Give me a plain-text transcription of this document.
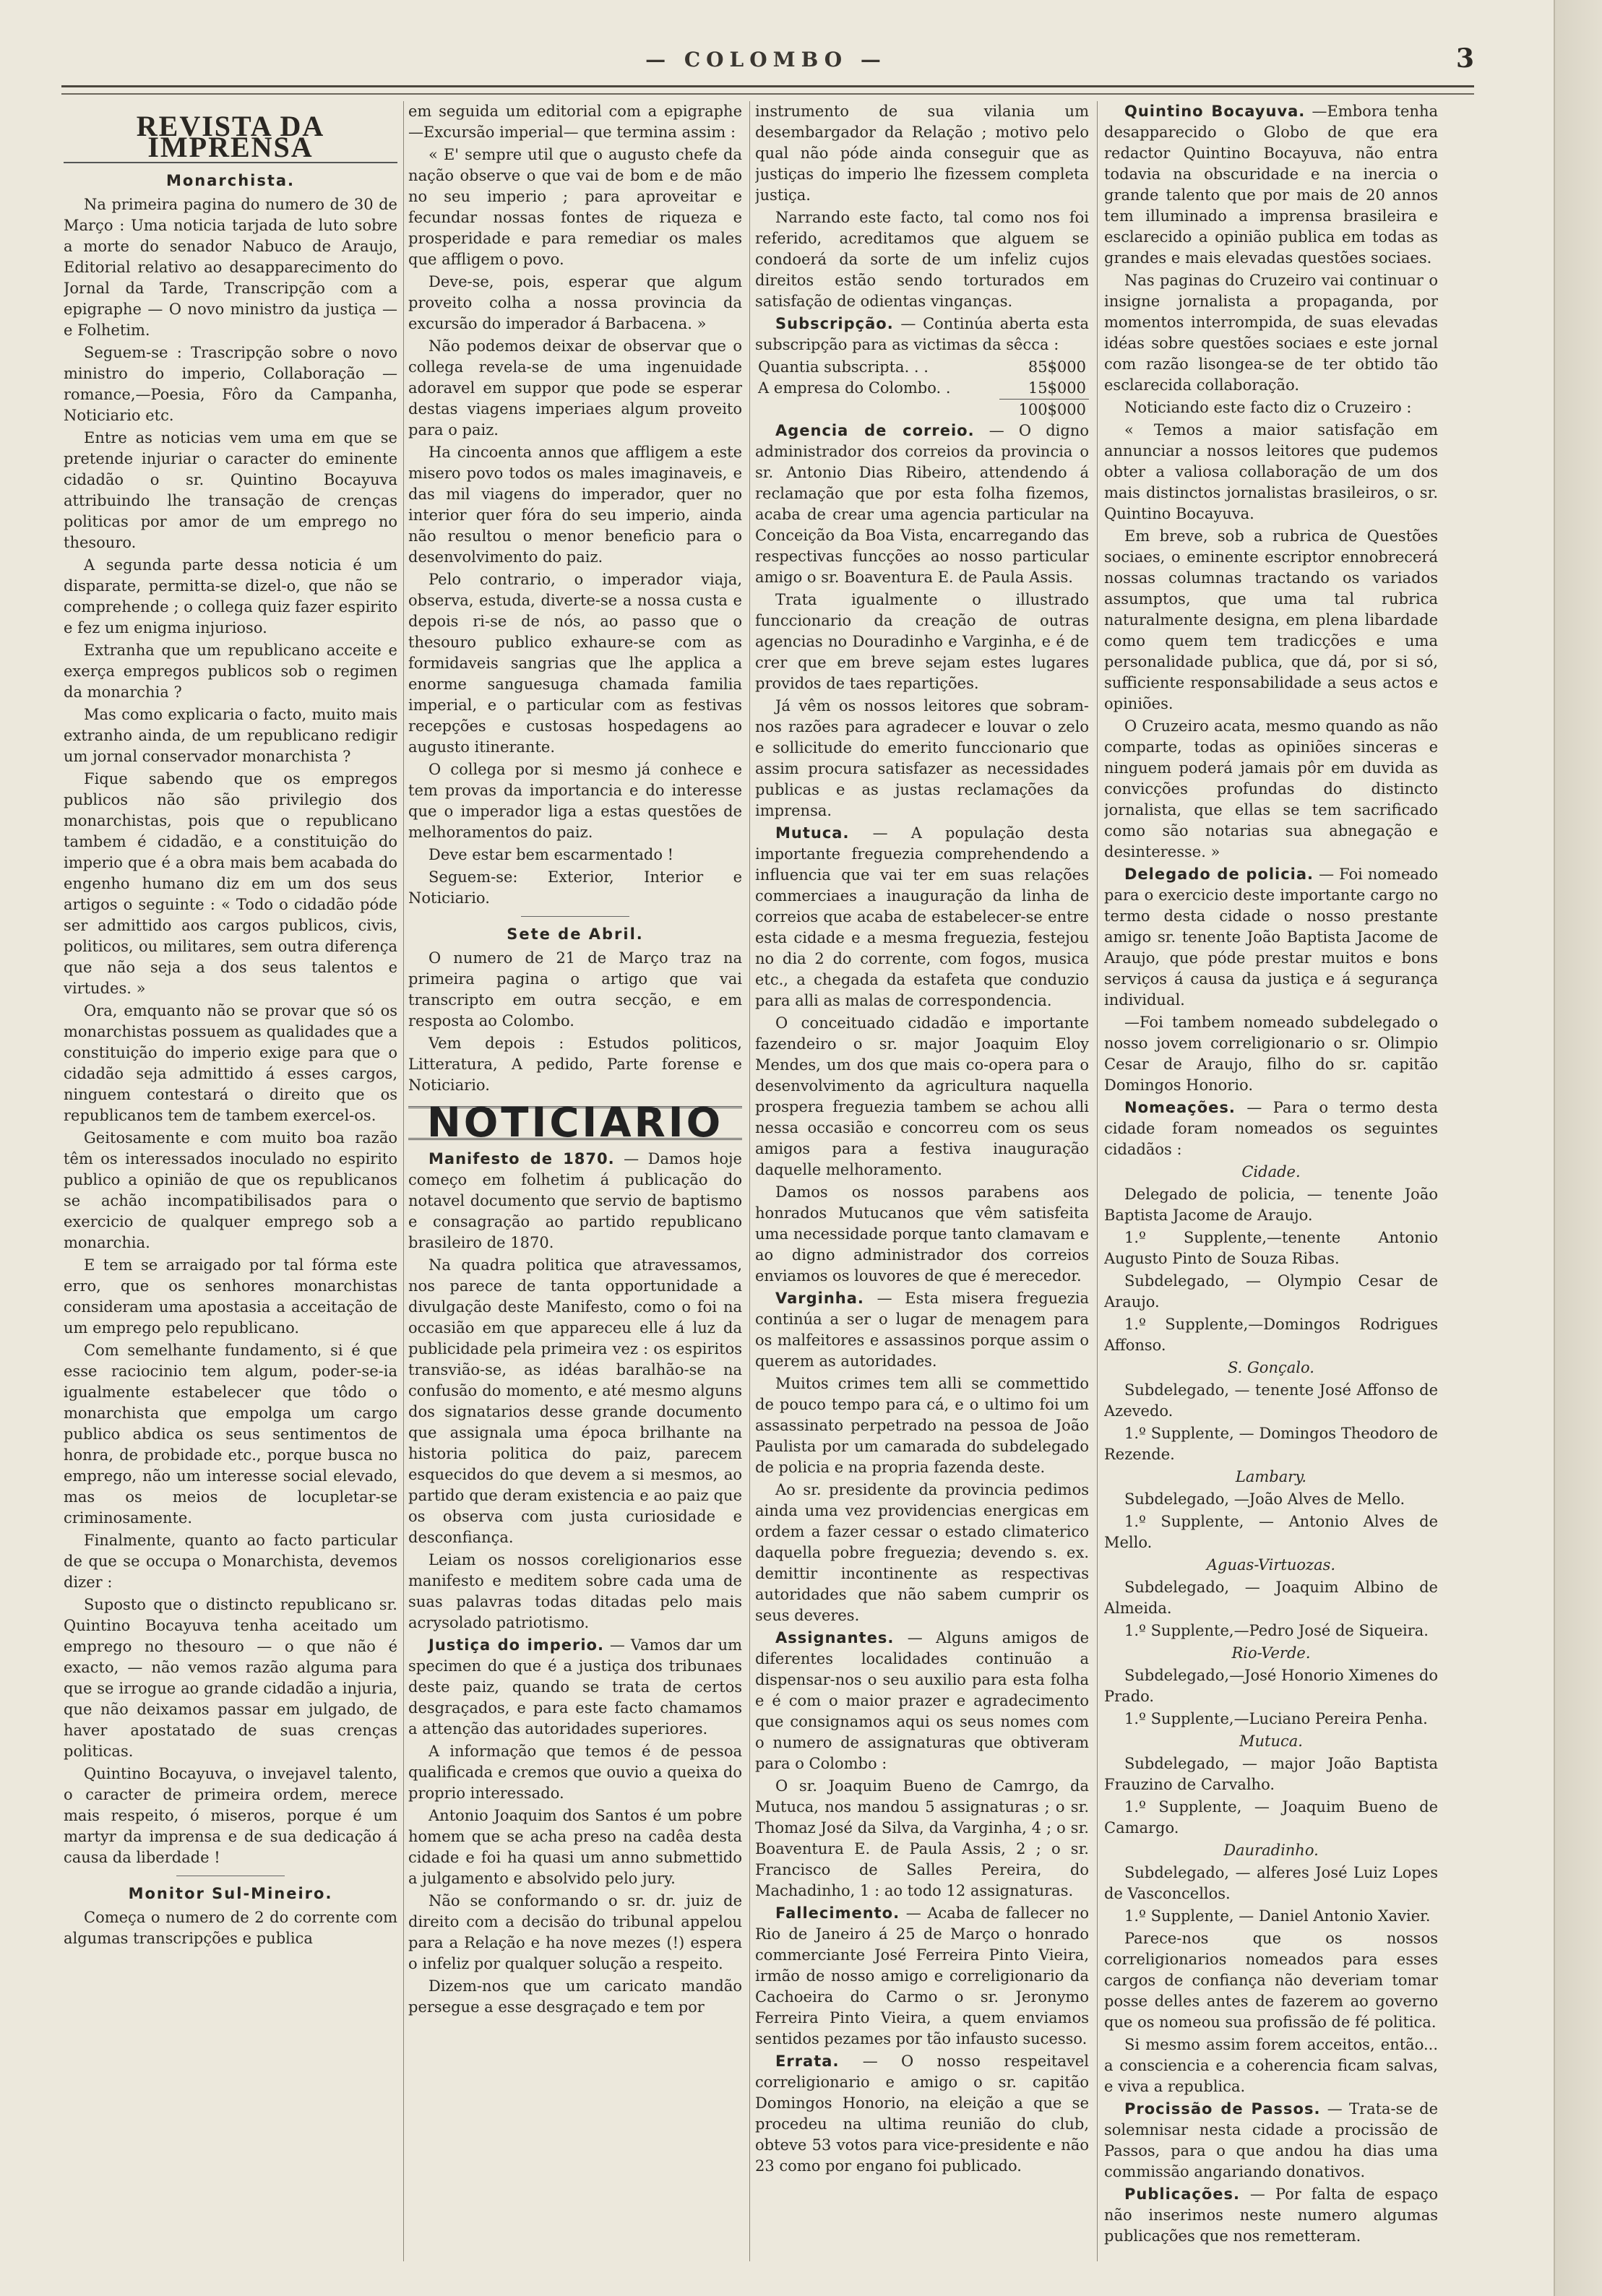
— COLOMBO —	3
REVISTA DA IMPRENSA
Monarchista.

Na primeira pagina do numero de 30 de Março : Uma noticia tarjada de luto sobre a morte do senador Nabuco de Araujo, Editorial relativo ao desapparecimento do Jornal da Tarde, Transcripção com a epigraphe — O novo ministro da justiça — e Folhetim.

Seguem-se : Trascripção sobre o novo ministro do imperio, Collaboração — romance,—Poesia, Fôro da Campanha, Noticiario etc.

Entre as noticias vem uma em que se pretende injuriar o caracter do eminente cidadão o sr. Quintino Bocayuva attribuindo lhe transação de crenças politicas por amor de um emprego no thesouro.

A segunda parte dessa noticia é um disparate, permitta-se dizel-o, que não se comprehende ; o collega quiz fazer espirito e fez um enigma injurioso.

Extranha que um republicano acceite e exerça empregos publicos sob o regimen da monarchia ?

Mas como explicaria o facto, muito mais extranho ainda, de um republicano redigir um jornal conservador monarchista ?

Fique sabendo que os empregos publicos não são privilegio dos monarchistas, pois que o republicano tambem é cidadão, e a constituição do imperio que é a obra mais bem acabada do engenho humano diz em um dos seus artigos o seguinte : « Todo o cidadão póde ser admittido aos cargos publicos, civis, politicos, ou militares, sem outra diferença que não seja a dos seus talentos e virtudes. »

Ora, emquanto não se provar que só os monarchistas possuem as qualidades que a constituição do imperio exige para que o cidadão seja admittido á esses cargos, ninguem contestará o direito que os republicanos tem de tambem exercel-os.

Geitosamente e com muito boa razão têm os interessados inoculado no espirito publico a opinião de que os republicanos se achão incompatibilisados para o exercicio de qualquer emprego sob a monarchia.

E tem se arraigado por tal fórma este erro, que os senhores monarchistas consideram uma apostasia a acceitação de um emprego pelo republicano.

Com semelhante fundamento, si é que esse raciocinio tem algum, poder-se-ia igualmente estabelecer que tôdo o monarchista que empolga um cargo publico abdica os seus sentimentos de honra, de probidade etc., porque busca no emprego, não um interesse social elevado, mas os meios de locupletar-se criminosamente.

Finalmente, quanto ao facto particular de que se occupa o Monarchista, devemos dizer :

Suposto que o distincto republicano sr. Quintino Bocayuva tenha aceitado um emprego no thesouro — o que não é exacto, — não vemos razão alguma para que se irrogue ao grande cidadão a injuria, que não deixamos passar em julgado, de haver apostatado de suas crenças politicas.

Quintino Bocayuva, o invejavel talento, o caracter de primeira ordem, merece mais respeito, ó miseros, porque é um martyr da imprensa e de sua dedicação á causa da liberdade !

Monitor Sul-Mineiro.

Começa o numero de 2 do corrente com algumas transcripções e publica

em seguida um editorial com a epigraphe —Excursão imperial— que termina assim :

« E' sempre util que o augusto chefe da nação observe o que vai de bom e de mão no seu imperio ; para aproveitar e fecundar nossas fontes de riqueza e prosperidade e para remediar os males que affligem o povo.

Deve-se, pois, esperar que algum proveito colha a nossa provincia da excursão do imperador á Barbacena. »

Não podemos deixar de observar que o collega revela-se de uma ingenuidade adoravel em suppor que pode se esperar destas viagens imperiaes algum proveito para o paiz.

Ha cincoenta annos que affligem a este misero povo todos os males imaginaveis, e das mil viagens do imperador, quer no interior quer fóra do seu imperio, ainda não resultou o menor beneficio para o desenvolvimento do paiz.

Pelo contrario, o imperador viaja, observa, estuda, diverte-se a nossa custa e depois ri-se de nós, ao passo que o thesouro publico exhaure-se com as formidaveis sangrias que lhe applica a enorme sanguesuga chamada familia imperial, e o particular com as festivas recepções e custosas hospedagens ao augusto itinerante.

O collega por si mesmo já conhece e tem provas da importancia e do interesse que o imperador liga a estas questões de melhoramentos do paiz.

Deve estar bem escarmentado !

Seguem-se: Exterior, Interior e Noticiario.

Sete de Abril.

O numero de 21 de Março traz na primeira pagina o artigo que vai transcripto em outra secção, e em resposta ao Colombo.

Vem depois : Estudos politicos, Litteratura, A pedido, Parte forense e Noticiario.

NOTICIARIO

Manifesto de 1870. — Damos hoje começo em folhetim á publicação do notavel documento que servio de baptismo e consagração ao partido republicano brasileiro de 1870.

Na quadra politica que atravessamos, nos parece de tanta opportunidade a divulgação deste Manifesto, como o foi na occasião em que appareceu elle á luz da publicidade pela primeira vez : os espiritos transvião-se, as idéas baralhão-se na confusão do momento, e até mesmo alguns dos signatarios desse grande documento que assignala uma época brilhante na historia politica do paiz, parecem esquecidos do que devem a si mesmos, ao partido que deram existencia e ao paiz que os observa com justa curiosidade e desconfiança.

Leiam os nossos coreligionarios esse manifesto e meditem sobre cada uma de suas palavras todas ditadas pelo mais acrysolado patriotismo.

Justiça do imperio. — Vamos dar um specimen do que é a justiça dos tribunaes deste paiz, quando se trata de certos desgraçados, e para este facto chamamos a attenção das autoridades superiores.

A informação que temos é de pessoa qualificada e cremos que ouvio a queixa do proprio interessado.

Antonio Joaquim dos Santos é um pobre homem que se acha preso na cadêa desta cidade e foi ha quasi um anno submettido a julgamento e absolvido pelo jury.

Não se conformando o sr. dr. juiz de direito com a decisão do tribunal appelou para a Relação e ha nove mezes (!) espera o infeliz por qualquer solução a respeito.

Dizem-nos que um caricato mandão persegue a esse desgraçado e tem por

instrumento de sua vilania um desembargador da Relação ; motivo pelo qual não póde ainda conseguir que as justiças do imperio lhe fizessem completa justiça.

Narrando este facto, tal como nos foi referido, acreditamos que alguem se condoerá da sorte de um infeliz cujos direitos estão sendo torturados em satisfação de odientas vinganças.

Subscripção. — Continúa aberta esta subscripção para as victimas da sêcca :

Quantia subscripta. . .	85$000
A empresa do Colombo. .	15$000
100$000

Agencia de correio. — O digno administrador dos correios da provincia o sr. Antonio Dias Ribeiro, attendendo á reclamação que por esta folha fizemos, acaba de crear uma agencia particular na Conceição da Boa Vista, encarregando das respectivas funcções ao nosso particular amigo o sr. Boaventura E. de Paula Assis.

Trata igualmente o illustrado funccionario da creação de outras agencias no Douradinho e Varginha, e é de crer que em breve sejam estes lugares providos de taes repartições.

Já vêm os nossos leitores que sobram-nos razões para agradecer e louvar o zelo e sollicitude do emerito funccionario que assim procura satisfazer as necessidades publicas e as justas reclamações da imprensa.

Mutuca. — A população desta importante freguezia comprehendendo a influencia que vai ter em suas relações commerciaes a inauguração da linha de correios que acaba de estabelecer-se entre esta cidade e a mesma freguezia, festejou no dia 2 do corrente, com fogos, musica etc., a chegada da estafeta que conduzio para alli as malas de correspondencia.

O conceituado cidadão e importante fazendeiro o sr. major Joaquim Eloy Mendes, um dos que mais co-opera para o desenvolvimento da agricultura naquella prospera freguezia tambem se achou alli nessa occasião e concorreu com os seus amigos para a festiva inauguração daquelle melhoramento.

Damos os nossos parabens aos honrados Mutucanos que vêm satisfeita uma necessidade porque tanto clamavam e ao digno administrador dos correios enviamos os louvores de que é merecedor.

Varginha. — Esta misera freguezia continúa a ser o lugar de menagem para os malfeitores e assassinos porque assim o querem as autoridades.

Muitos crimes tem alli se commettido de pouco tempo para cá, e o ultimo foi um assassinato perpetrado na pessoa de João Paulista por um camarada do subdelegado de policia e na propria fazenda deste.

Ao sr. presidente da provincia pedimos ainda uma vez providencias energicas em ordem a fazer cessar o estado climaterico daquella pobre freguezia; devendo s. ex. demittir incontinente as respectivas autoridades que não sabem cumprir os seus deveres.

Assignantes. — Alguns amigos de diferentes localidades continuão a dispensar-nos o seu auxilio para esta folha e é com o maior prazer e agradecimento que consignamos aqui os seus nomes com o numero de assignaturas que obtiveram para o Colombo :

O sr. Joaquim Bueno de Camrgo, da Mutuca, nos mandou 5 assignaturas ; o sr. Thomaz José da Silva, da Varginha, 4 ; o sr. Boaventura E. de Paula Assis, 2 ; o sr. Francisco de Salles Pereira, do Machadinho, 1 : ao todo 12 assignaturas.

Fallecimento. — Acaba de fallecer no Rio de Janeiro á 25 de Março o honrado commerciante José Ferreira Pinto Vieira, irmão de nosso amigo e correligionario da Cachoeira do Carmo o sr. Jeronymo Ferreira Pinto Vieira, a quem enviamos sentidos pezames por tão infausto sucesso.

Errata. — O nosso respeitavel correligionario e amigo o sr. capitão Domingos Honorio, na eleição a que se procedeu na ultima reunião do club, obteve 53 votos para vice-presidente e não 23 como por engano foi publicado.

Quintino Bocayuva. —Embora tenha desapparecido o Globo de que era redactor Quintino Bocayuva, não entra todavia na obscuridade e na inercia o grande talento que por mais de 20 annos tem illuminado a imprensa brasileira e esclarecido a opinião publica em todas as grandes e mais elevadas questões sociaes.

Nas paginas do Cruzeiro vai continuar o insigne jornalista a propaganda, por momentos interrompida, de suas elevadas idéas sobre questões sociaes e este jornal com razão lisongea-se de ter obtido tão esclarecida collaboração.

Noticiando este facto diz o Cruzeiro :

« Temos a maior satisfação em annunciar a nossos leitores que pudemos obter a valiosa collaboração de um dos mais distinctos jornalistas brasileiros, o sr. Quintino Bocayuva.

Em breve, sob a rubrica de Questões sociaes, o eminente escriptor ennobrecerá nossas columnas tractando os variados assumptos, que uma tal rubrica naturalmente designa, em plena libardade como quem tem tradicções e uma personalidade publica, que dá, por si só, sufficiente responsabilidade a seus actos e opiniões.

O Cruzeiro acata, mesmo quando as não comparte, todas as opiniões sinceras e ninguem poderá jamais pôr em duvida as convicções profundas do distincto jornalista, que ellas se tem sacrificado como são notarias sua abnegação e desinteresse. »

Delegado de policia. — Foi nomeado para o exercicio deste importante cargo no termo desta cidade o nosso prestante amigo sr. tenente João Baptista Jacome de Araujo, que póde prestar muitos e bons serviços á causa da justiça e á segurança individual.

—Foi tambem nomeado subdelegado o nosso jovem correligionario o sr. Olimpio Cesar de Araujo, filho do sr. capitão Domingos Honorio.

Nomeações. — Para o termo desta cidade foram nomeados os seguintes cidadãos :

Cidade.

Delegado de policia, — tenente João Baptista Jacome de Araujo.

1.º Supplente,—tenente Antonio Augusto Pinto de Souza Ribas.

Subdelegado, — Olympio Cesar de Araujo.

1.º Supplente,—Domingos Rodrigues Affonso.

S. Gonçalo.

Subdelegado, — tenente José Affonso de Azevedo.

1.º Supplente, — Domingos Theodoro de Rezende.

Lambary.

Subdelegado, —João Alves de Mello.

1.º Supplente, — Antonio Alves de Mello.

Aguas-Virtuozas.

Subdelegado, — Joaquim Albino de Almeida.

1.º Supplente,—Pedro José de Siqueira.

Rio-Verde.

Subdelegado,—José Honorio Ximenes do Prado.

1.º Supplente,—Luciano Pereira Penha.

Mutuca.

Subdelegado, — major João Baptista Frauzino de Carvalho.

1.º Supplente, — Joaquim Bueno de Camargo.

Dauradinho.

Subdelegado, — alferes José Luiz Lopes de Vasconcellos.

1.º Supplente, — Daniel Antonio Xavier.

Parece-nos que os nossos correligionarios nomeados para esses cargos de confiança não deveriam tomar posse delles antes de fazerem ao governo que os nomeou sua profissão de fé politica.

Si mesmo assim forem acceitos, então... a consciencia e a coherencia ficam salvas, e viva a republica.

Procissão de Passos. — Trata-se de solemnisar nesta cidade a procissão de Passos, para o que andou ha dias uma commissão angariando donativos.

Publicações. — Por falta de espaço não inserimos neste numero algumas publicações que nos remetteram.
